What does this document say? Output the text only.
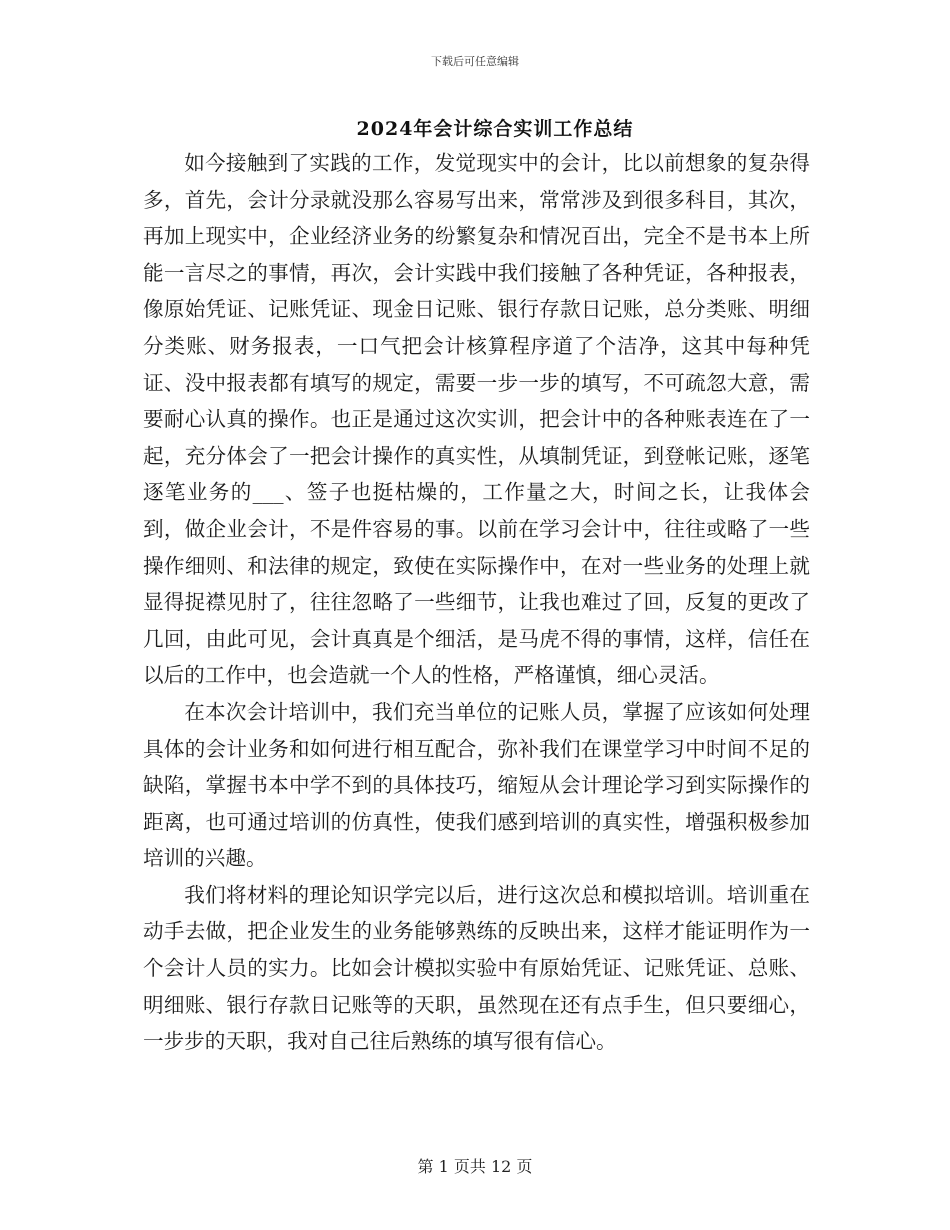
下载后可任意编辑
2024年会计综合实训工作总结

如今接触到了实践的工作，发觉现实中的会计，比以前想象的复杂得多，首先，会计分录就没那么容易写出来，常常涉及到很多科目，其次，再加上现实中，企业经济业务的纷繁复杂和情况百出，完全不是书本上所能一言尽之的事情，再次，会计实践中我们接触了各种凭证，各种报表，像原始凭证、记账凭证、现金日记账、银行存款日记账，总分类账、明细分类账、财务报表，一口气把会计核算程序道了个洁净，这其中每种凭证、没中报表都有填写的规定，需要一步一步的填写，不可疏忽大意，需要耐心认真的操作。也正是通过这次实训，把会计中的各种账表连在了一起，充分体会了一把会计操作的真实性，从填制凭证，到登帐记账，逐笔逐笔业务的___、签子也挺枯燥的，工作量之大，时间之长，让我体会到，做企业会计，不是件容易的事。以前在学习会计中，往往或略了一些操作细则、和法律的规定，致使在实际操作中，在对一些业务的处理上就显得捉襟见肘了，往往忽略了一些细节，让我也难过了回，反复的更改了几回，由此可见，会计真真是个细活，是马虎不得的事情，这样，信任在以后的工作中，也会造就一个人的性格，严格谨慎，细心灵活。

在本次会计培训中，我们充当单位的记账人员，掌握了应该如何处理具体的会计业务和如何进行相互配合，弥补我们在课堂学习中时间不足的缺陷，掌握书本中学不到的具体技巧，缩短从会计理论学习到实际操作的距离，也可通过培训的仿真性，使我们感到培训的真实性，增强积极参加培训的兴趣。

我们将材料的理论知识学完以后，进行这次总和模拟培训。培训重在动手去做，把企业发生的业务能够熟练的反映出来，这样才能证明作为一个会计人员的实力。比如会计模拟实验中有原始凭证、记账凭证、总账、明细账、银行存款日记账等的天职，虽然现在还有点手生，但只要细心，一步步的天职，我对自己往后熟练的填写很有信心。

第 1 页共 12 页
